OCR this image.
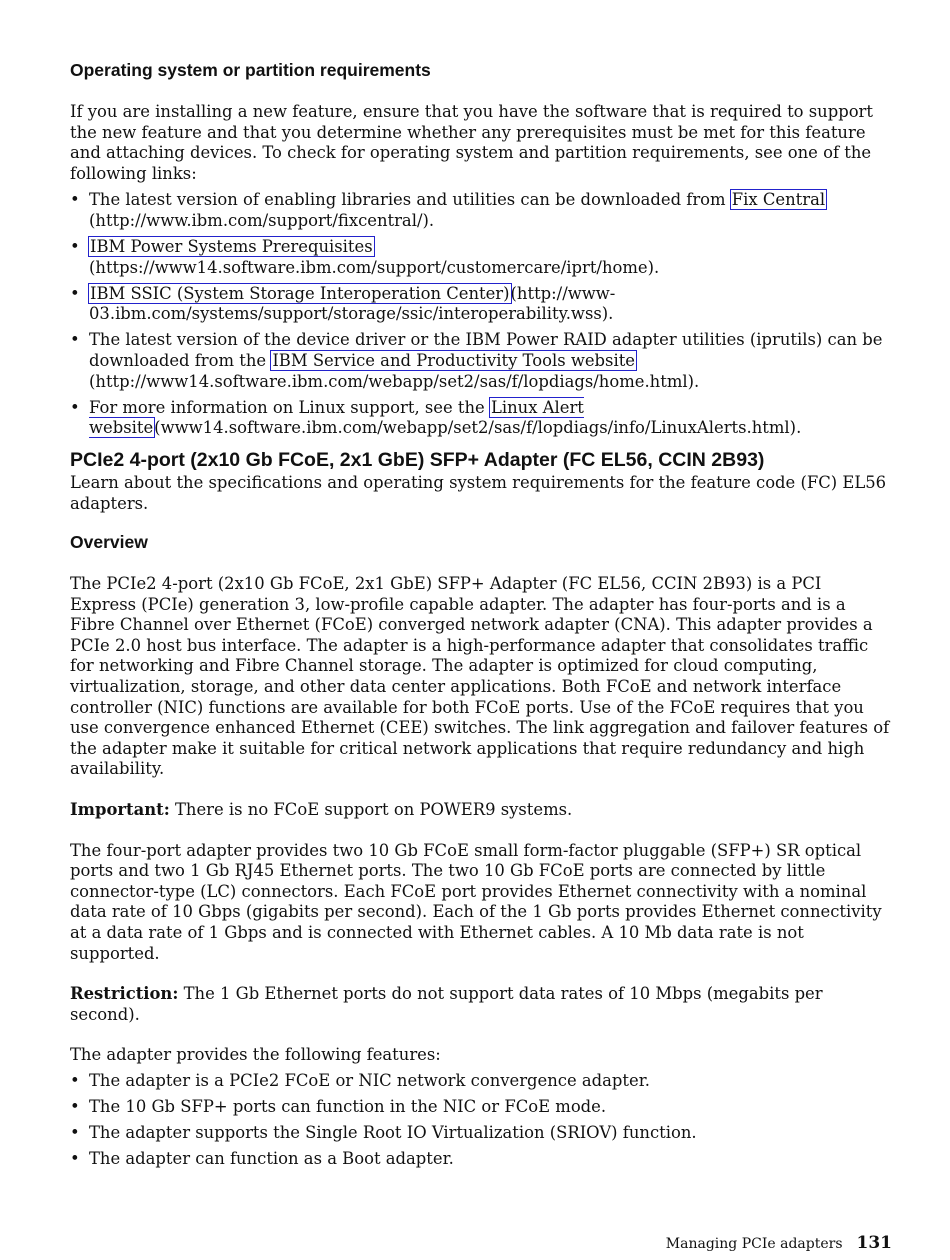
Operating system or partition requirements

If you are installing a new feature, ensure that you have the software that is required to support the new feature and that you determine whether any prerequisites must be met for this feature and attaching devices. To check for operating system and partition requirements, see one of the following links:

• The latest version of enabling libraries and utilities can be downloaded from Fix Central (http://www.ibm.com/support/fixcentral/).
• IBM Power Systems Prerequisites (https://www14.software.ibm.com/support/customercare/iprt/home).
• IBM SSIC (System Storage Interoperation Center)(http://www-03.ibm.com/systems/support/storage/ssic/interoperability.wss).
• The latest version of the device driver or the IBM Power RAID adapter utilities (iprutils) can be downloaded from the IBM Service and Productivity Tools website (http://www14.software.ibm.com/webapp/set2/sas/f/lopdiags/home.html).
• For more information on Linux support, see the Linux Alert website(www14.software.ibm.com/webapp/set2/sas/f/lopdiags/info/LinuxAlerts.html).
PCIe2 4-port (2x10 Gb FCoE, 2x1 GbE) SFP+ Adapter (FC EL56, CCIN 2B93)

Learn about the specifications and operating system requirements for the feature code (FC) EL56 adapters.

Overview

The PCIe2 4-port (2x10 Gb FCoE, 2x1 GbE) SFP+ Adapter (FC EL56, CCIN 2B93) is a PCI Express (PCIe) generation 3, low-profile capable adapter. The adapter has four-ports and is a Fibre Channel over Ethernet (FCoE) converged network adapter (CNA). This adapter provides a PCIe 2.0 host bus interface. The adapter is a high-performance adapter that consolidates traffic for networking and Fibre Channel storage. The adapter is optimized for cloud computing, virtualization, storage, and other data center applications. Both FCoE and network interface controller (NIC) functions are available for both FCoE ports. Use of the FCoE requires that you use convergence enhanced Ethernet (CEE) switches. The link aggregation and failover features of the adapter make it suitable for critical network applications that require redundancy and high availability.

Important: There is no FCoE support on POWER9 systems.

The four-port adapter provides two 10 Gb FCoE small form-factor pluggable (SFP+) SR optical ports and two 1 Gb RJ45 Ethernet ports. The two 10 Gb FCoE ports are connected by little connector-type (LC) connectors. Each FCoE port provides Ethernet connectivity with a nominal data rate of 10 Gbps (gigabits per second). Each of the 1 Gb ports provides Ethernet connectivity at a data rate of 1 Gbps and is connected with Ethernet cables. A 10 Mb data rate is not supported.

Restriction: The 1 Gb Ethernet ports do not support data rates of 10 Mbps (megabits per second).

The adapter provides the following features:

• The adapter is a PCIe2 FCoE or NIC network convergence adapter.
• The 10 Gb SFP+ ports can function in the NIC or FCoE mode.
• The adapter supports the Single Root IO Virtualization (SRIOV) function.
• The adapter can function as a Boot adapter.
Managing PCIe adapters 131
